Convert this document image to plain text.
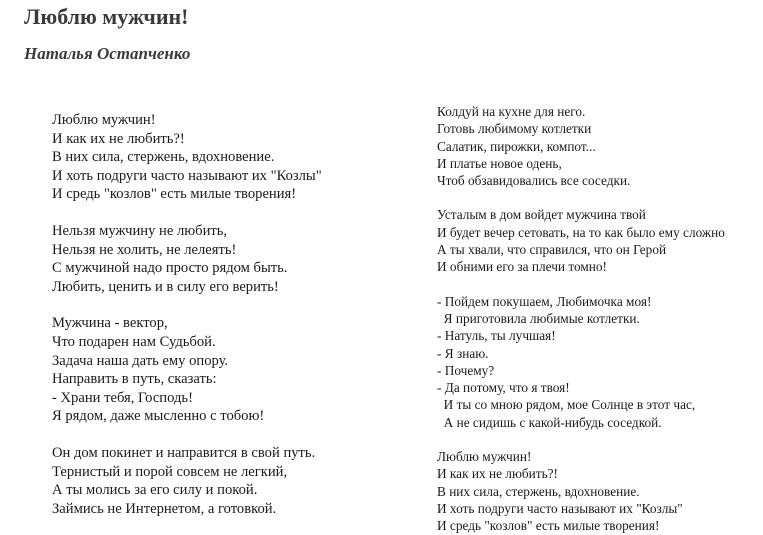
Люблю мужчин!
Наталья Остапченко

Люблю мужчин!
И как их не любить?!
В них сила, стержень, вдохновение.
И хоть подруги часто называют их "Козлы"
И средь "козлов" есть милые творения!

Нельзя мужчину не любить,
Нельзя не холить, не лелеять!
С мужчиной надо просто рядом быть.
Любить, ценить и в силу его верить!

Мужчина - вектор,
Что подарен нам Судьбой.
Задача наша дать ему опору.
Направить в путь, сказать:
- Храни тебя, Господь!
Я рядом, даже мысленно с тобою!

Он дом покинет и направится в свой путь.
Тернистый и порой совсем не легкий,
А ты молись за его силу и покой.
Займись не Интернетом, а готовкой.

Колдуй на кухне для него.
Готовь любимому котлетки
Салатик, пирожки, компот...
И платье новое одень,
Чтоб обзавидовались все соседки.

Усталым в дом войдет мужчина твой
И будет вечер сетовать, на то как было ему сложно
А ты хвали, что справился, что он Герой
И обними его за плечи томно!

- Пойдем покушаем, Любимочка моя!
Я приготовила любимые котлетки.
- Натуль, ты лучшая!
- Я знаю.
- Почему?
- Да потому, что я твоя!
И ты со мною рядом, мое Солнце в этот час,
А не сидишь с какой-нибудь соседкой.

Люблю мужчин!
И как их не любить?!
В них сила, стержень, вдохновение.
И хоть подруги часто называют их "Козлы"
И средь "козлов" есть милые творения!
